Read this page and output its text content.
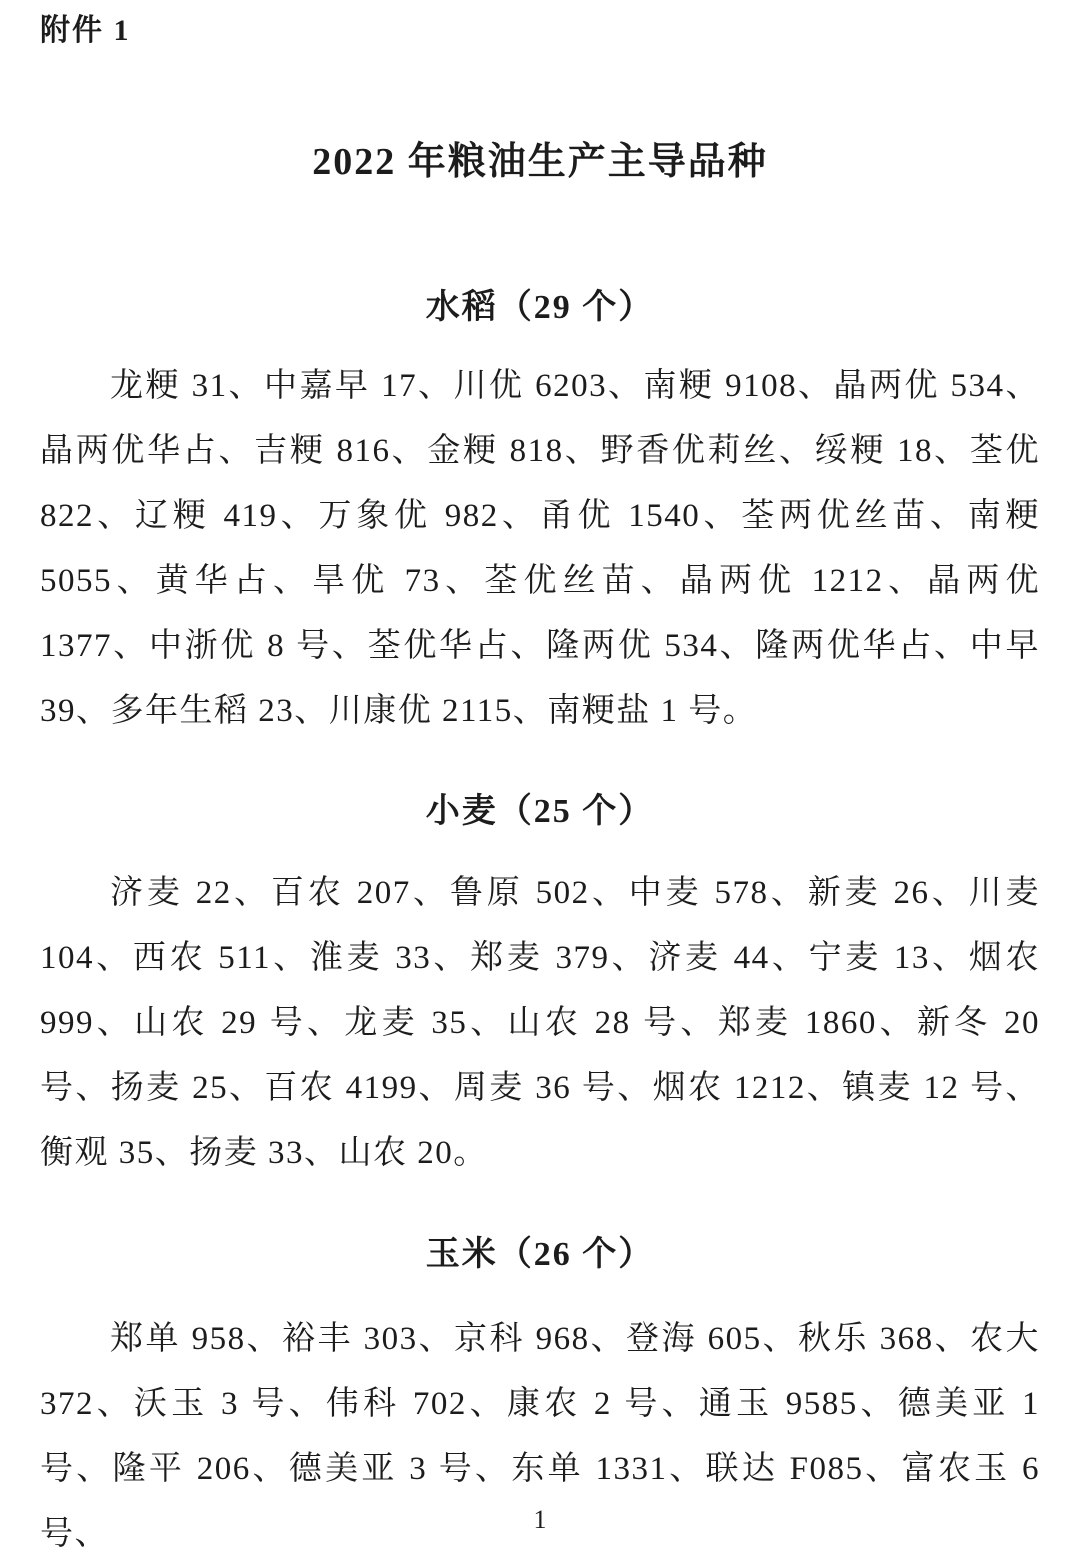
附件 1
2022 年粮油生产主导品种
水稻（29 个）

龙粳 31、中嘉早 17、川优 6203、南粳 9108、晶两优 534、晶两优华占、吉粳 816、金粳 818、野香优莉丝、绥粳 18、荃优 822、辽粳 419、万象优 982、甬优 1540、荃两优丝苗、南粳 5055、黄华占、旱优 73、荃优丝苗、晶两优 1212、晶两优 1377、中浙优 8 号、荃优华占、隆两优 534、隆两优华占、中早 39、多年生稻 23、川康优 2115、南粳盐 1 号。

小麦（25 个）

济麦 22、百农 207、鲁原 502、中麦 578、新麦 26、川麦 104、西农 511、淮麦 33、郑麦 379、济麦 44、宁麦 13、烟农 999、山农 29 号、龙麦 35、山农 28 号、郑麦 1860、新冬 20 号、扬麦 25、百农 4199、周麦 36 号、烟农 1212、镇麦 12 号、衡观 35、扬麦 33、山农 20。

玉米（26 个）

郑单 958、裕丰 303、京科 968、登海 605、秋乐 368、农大 372、沃玉 3 号、伟科 702、康农 2 号、通玉 9585、德美亚 1 号、隆平 206、德美亚 3 号、东单 1331、联达 F085、富农玉 6 号、	1
